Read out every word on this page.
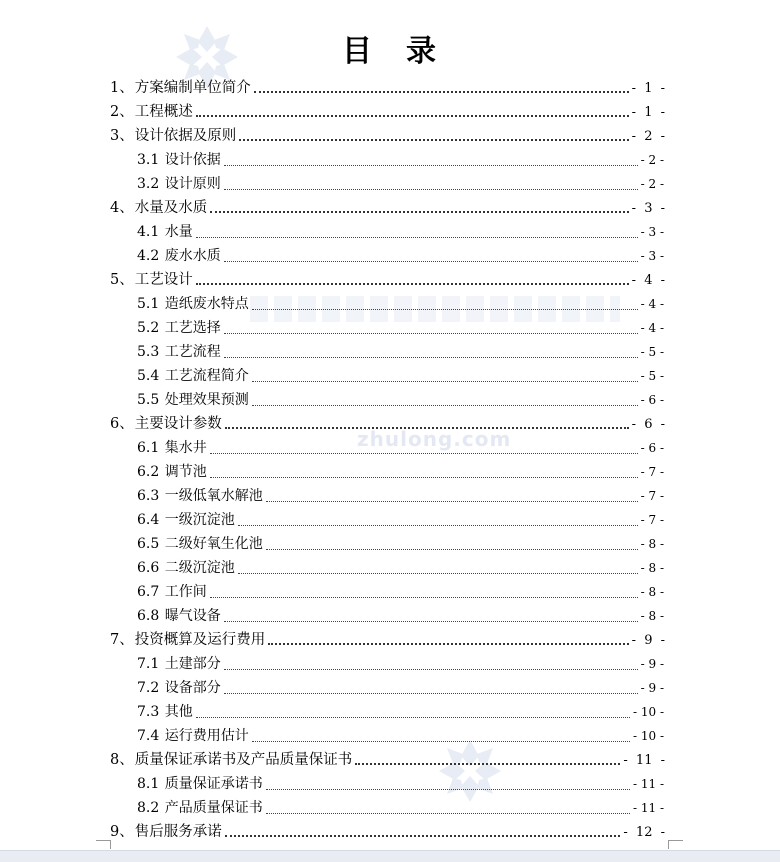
zhulong.com
目　录
1、方案编制单位简介	- 1 -
2、工程概述	- 1 -
3、设计依据及原则	- 2 -
3.1 设计依据	- 2 -
3.2 设计原则	- 2 -
4、水量及水质	- 3 -
4.1 水量	- 3 -
4.2 废水水质	- 3 -
5、工艺设计	- 4 -
5.1 造纸废水特点	- 4 -
5.2 工艺选择	- 4 -
5.3 工艺流程	- 5 -
5.4 工艺流程简介	- 5 -
5.5 处理效果预测	- 6 -
6、主要设计参数	- 6 -
6.1 集水井	- 6 -
6.2 调节池	- 7 -
6.3 一级低氧水解池	- 7 -
6.4 一级沉淀池	- 7 -
6.5 二级好氧生化池	- 8 -
6.6 二级沉淀池	- 8 -
6.7 工作间	- 8 -
6.8 曝气设备	- 8 -
7、投资概算及运行费用	- 9 -
7.1 土建部分	- 9 -
7.2 设备部分	- 9 -
7.3 其他	- 10 -
7.4 运行费用估计	- 10 -
8、质量保证承诺书及产品质量保证书	- 11 -
8.1 质量保证承诺书	- 11 -
8.2 产品质量保证书	- 11 -
9、售后服务承诺	- 12 -
